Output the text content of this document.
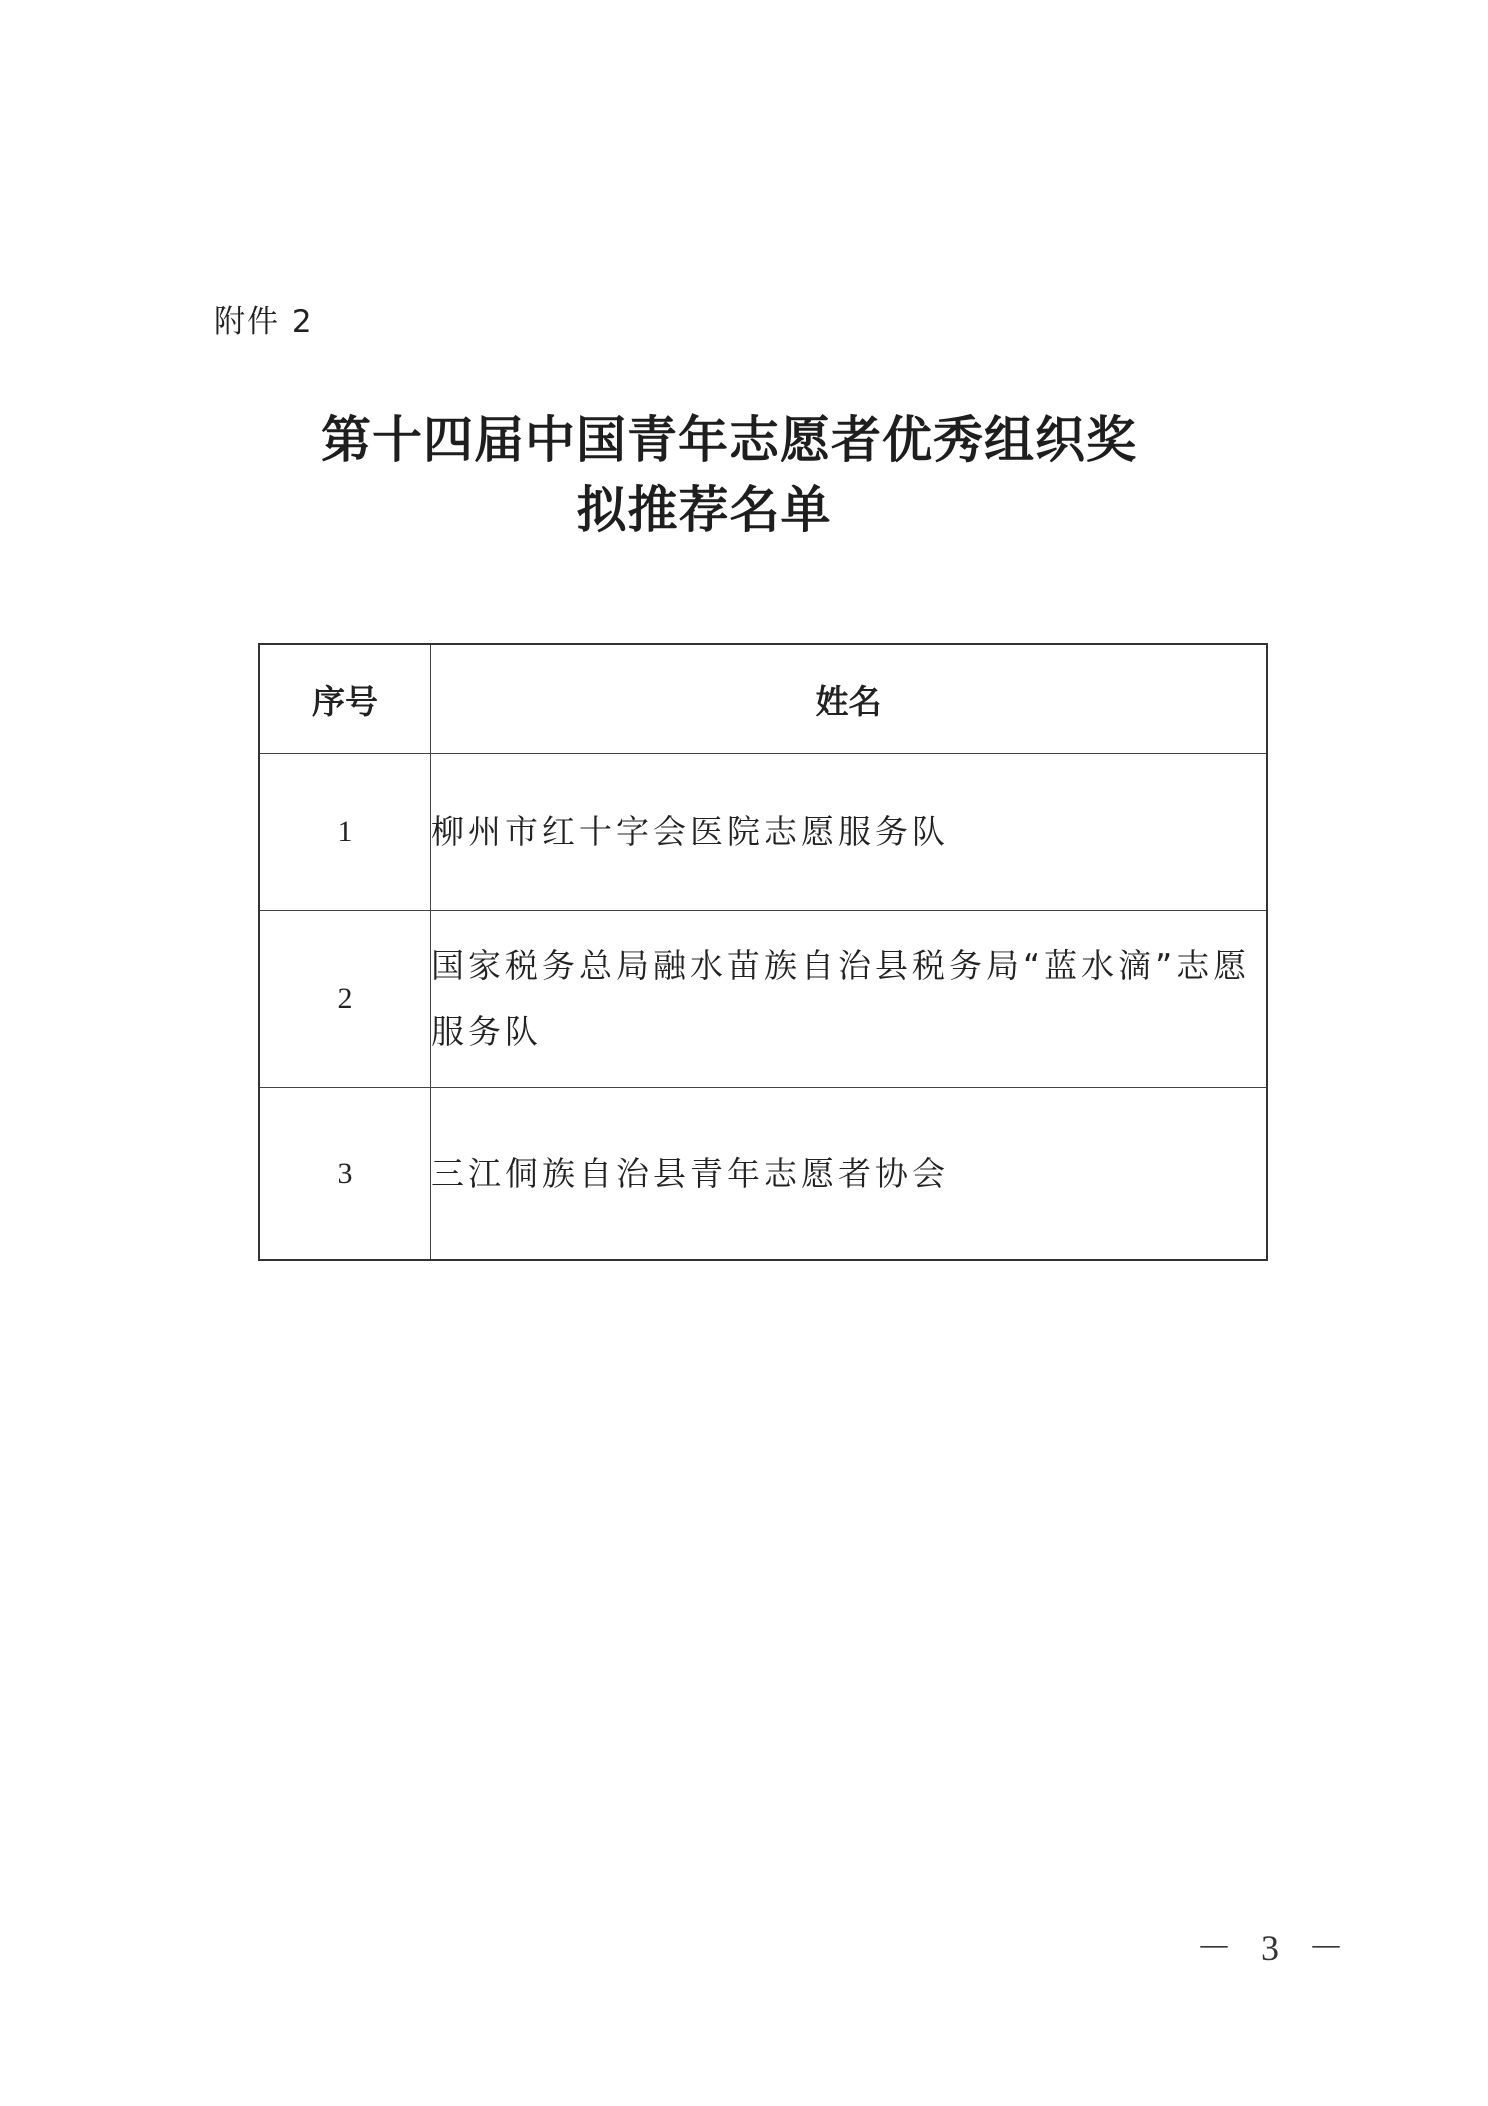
附件 2
第十四届中国青年志愿者优秀组织奖
拟推荐名单
序号	姓名
1	柳州市红十字会医院志愿服务队
2	国家税务总局融水苗族自治县税务局“蓝水滴”志愿服务队
3	三江侗族自治县青年志愿者协会
－ 3 －
